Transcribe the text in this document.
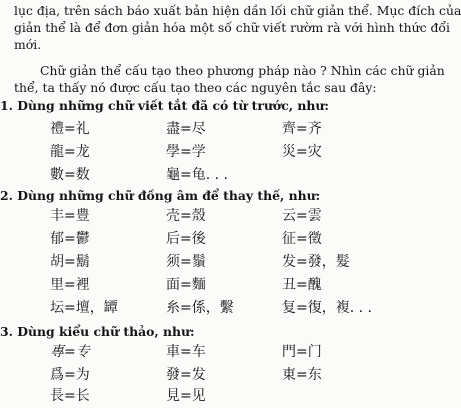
lục địa, trên sách báo xuất bản hiện dần lối chữ giản thể. Mục đích của
giản thể là để đơn giản hóa một số chữ viết rườm rà với hình thức đổi
mới.
Chữ giản thể cấu tạo theo phương pháp nào ? Nhìn các chữ giản
thể, ta thấy nó được cấu tạo theo các nguyên tắc sau đây:
1. Dùng những chữ viết tắt đã có từ trước, như:
禮=礼	盡=尽	齊=齐
龍=龙	學=学	災=灾
數=数	龜=龟. . .
2. Dùng những chữ đồng âm để thay thế, như:
丰=豊	壳=殼	云=雲
郁=鬱	后=後	征=徵
胡=鬍	须=鬚	发=發，髮
里=裡	面=麵	丑=醜
坛=壇，罈	糸=係，繫	复=復，複. . .
3. Dùng kiểu chữ thảo, như:
專=专	車=车	門=门
爲=为	發=发	東=东
長=长	見=见
